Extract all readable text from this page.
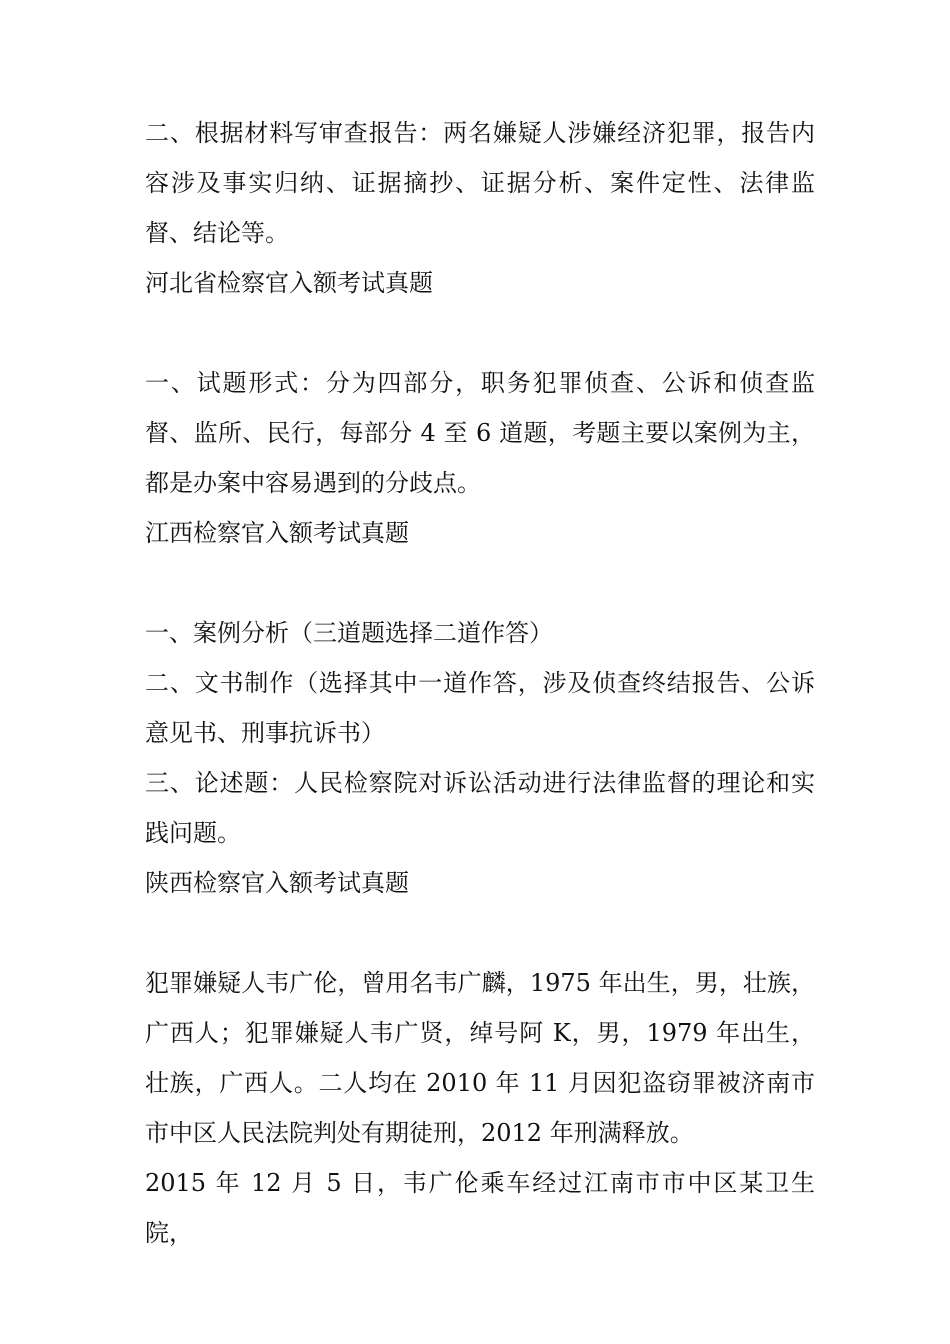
二、根据材料写审查报告：两名嫌疑人涉嫌经济犯罪，报告内容涉及事实归纳、证据摘抄、证据分析、案件定性、法律监督、结论等。

河北省检察官入额考试真题

一、试题形式：分为四部分，职务犯罪侦查、公诉和侦查监督、监所、民行，每部分 4 至 6 道题，考题主要以案例为主，都是办案中容易遇到的分歧点。

江西检察官入额考试真题

一、案例分析（三道题选择二道作答）

二、文书制作（选择其中一道作答，涉及侦查终结报告、公诉意见书、刑事抗诉书）

三、论述题：人民检察院对诉讼活动进行法律监督的理论和实践问题。

陕西检察官入额考试真题

犯罪嫌疑人韦广伦，曾用名韦广麟，1975 年出生，男，壮族，广西人；犯罪嫌疑人韦广贤，绰号阿 K，男，1979 年出生，壮族，广西人。二人均在 2010 年 11 月因犯盗窃罪被济南市市中区人民法院判处有期徒刑，2012 年刑满释放。

2015 年 12 月 5 日，韦广伦乘车经过江南市市中区某卫生院，
